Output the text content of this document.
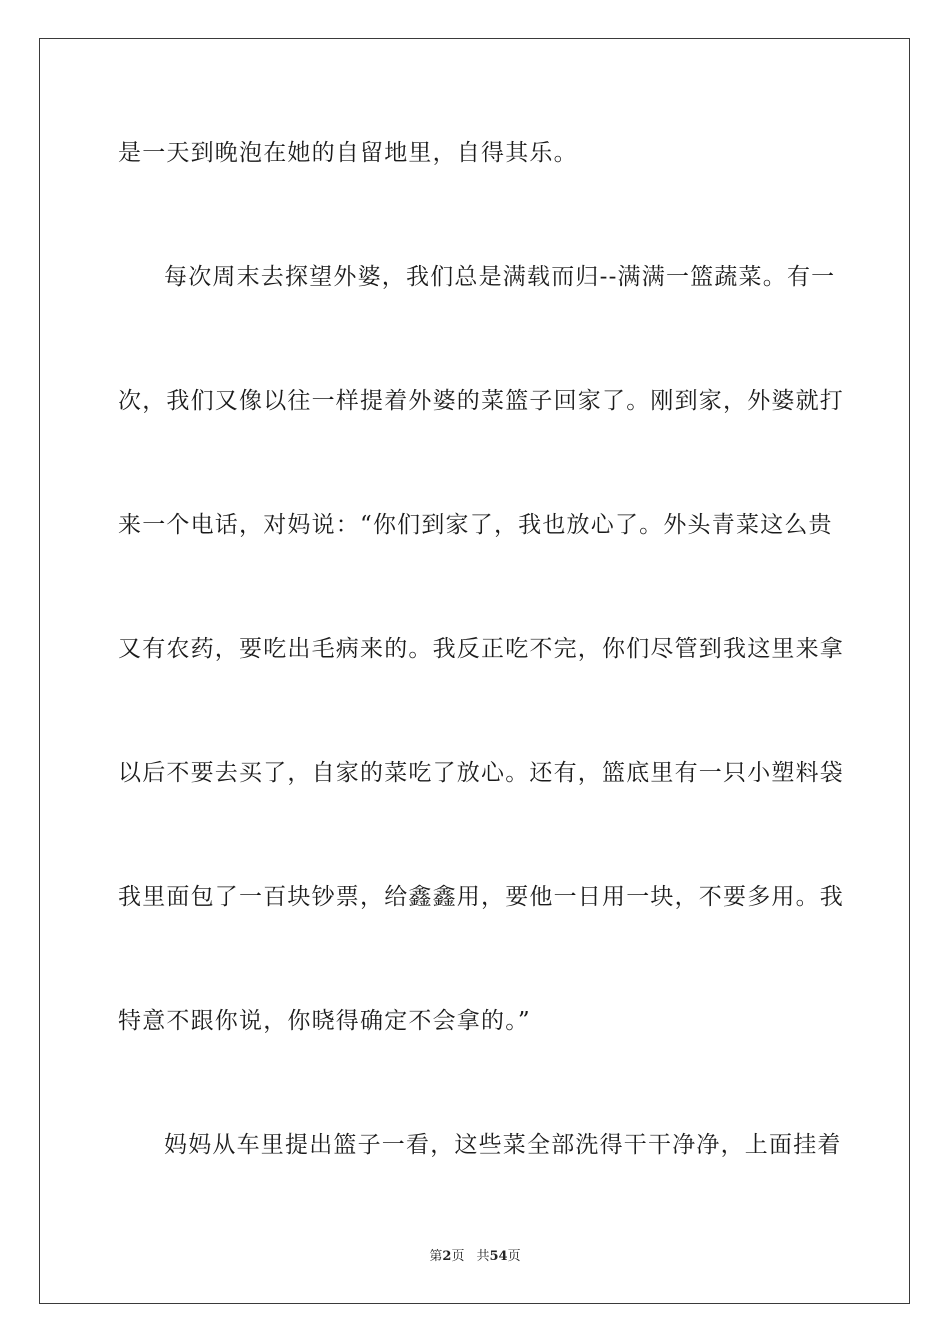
是一天到晚泡在她的自留地里，自得其乐。
每次周末去探望外婆，我们总是满载而归--满满一篮蔬菜。有一
次，我们又像以往一样提着外婆的菜篮子回家了。刚到家，外婆就打
来一个电话，对妈说：“你们到家了，我也放心了。外头青菜这么贵
又有农药，要吃出毛病来的。我反正吃不完，你们尽管到我这里来拿
以后不要去买了，自家的菜吃了放心。还有，篮底里有一只小塑料袋
我里面包了一百块钞票，给鑫鑫用，要他一日用一块，不要多用。我
特意不跟你说，你晓得确定不会拿的。”
妈妈从车里提出篮子一看，这些菜全部洗得干干净净，上面挂着
第2页 共54页
